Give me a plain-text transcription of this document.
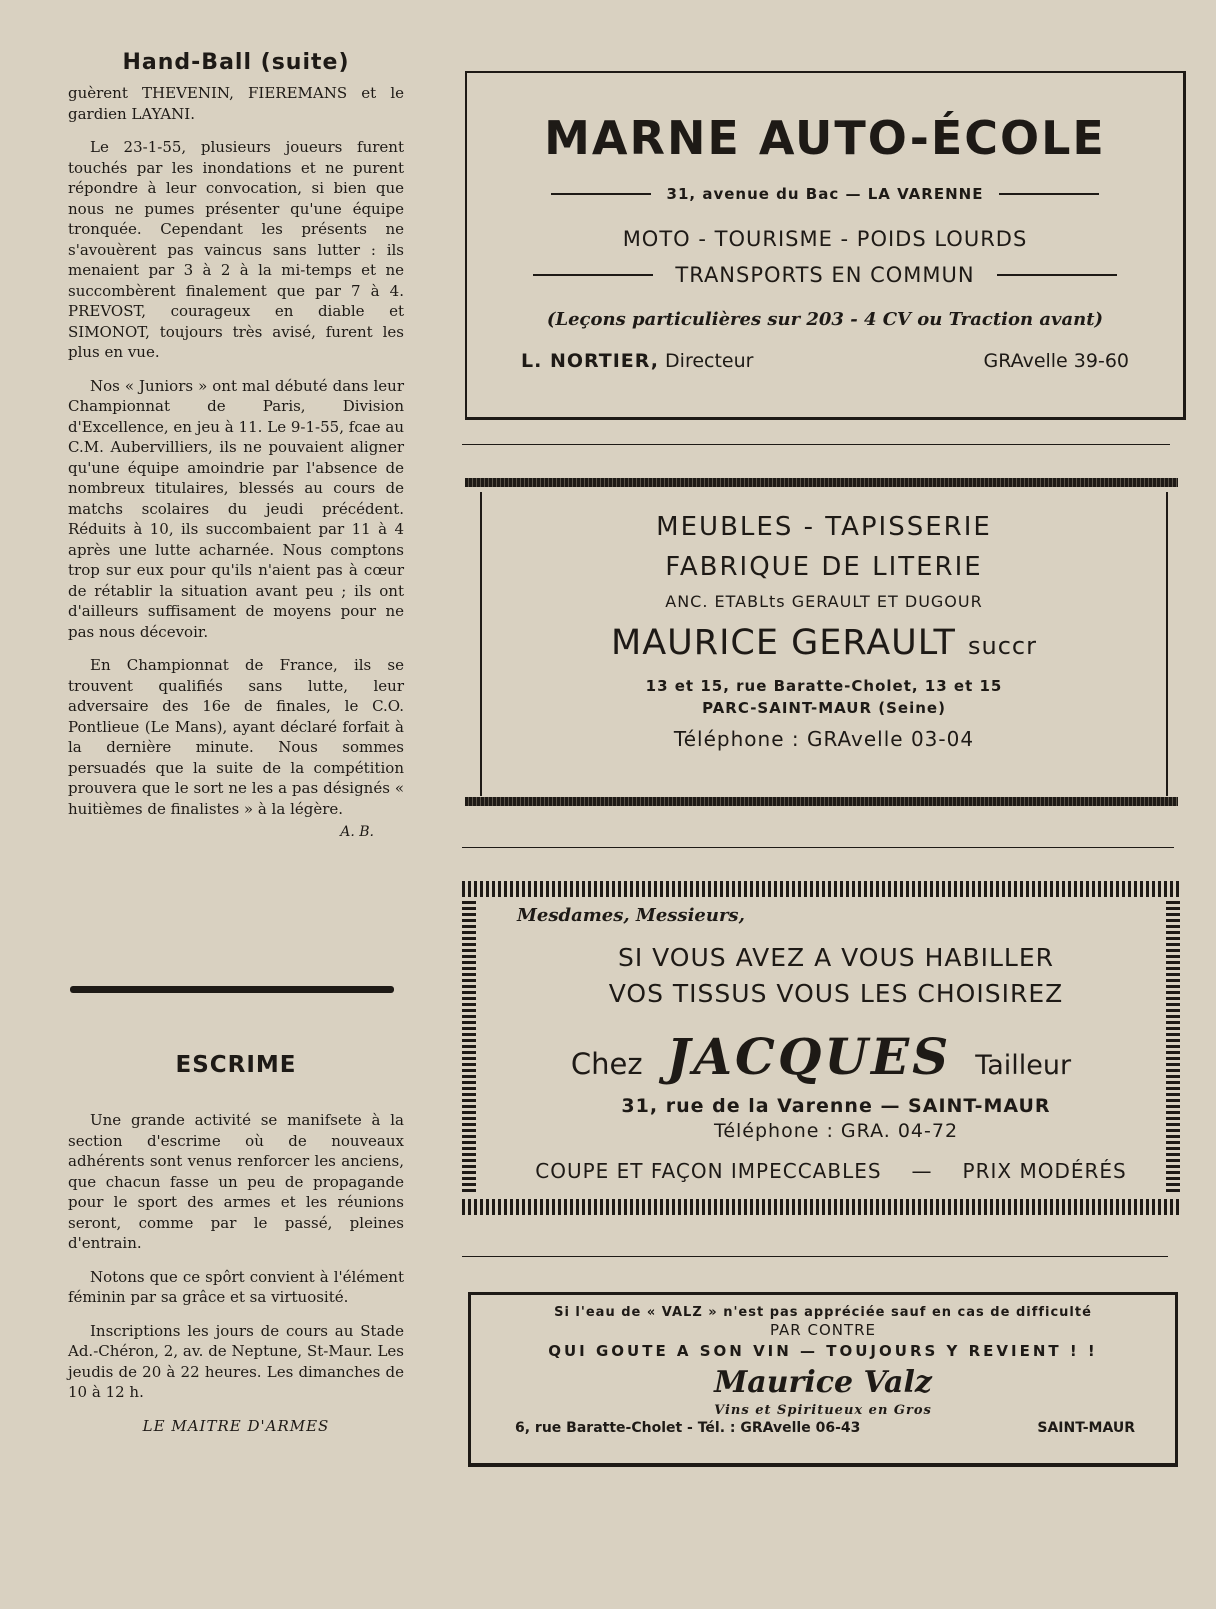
Hand-Ball (suite)

guèrent THEVENIN, FIEREMANS et le gardien LAYANI.

Le 23-1-55, plusieurs joueurs furent touchés par les inondations et ne purent répondre à leur convocation, si bien que nous ne pumes présenter qu'une équipe tronquée. Cependant les présents ne s'avouèrent pas vaincus sans lutter : ils menaient par 3 à 2 à la mi-temps et ne succombèrent finalement que par 7 à 4. PREVOST, courageux en diable et SIMONOT, toujours très avisé, furent les plus en vue.

Nos « Juniors » ont mal débuté dans leur Championnat de Paris, Division d'Excellence, en jeu à 11. Le 9-1-55, fcae au C.M. Aubervilliers, ils ne pouvaient aligner qu'une équipe amoindrie par l'absence de nombreux titulaires, blessés au cours de matchs scolaires du jeudi précédent. Réduits à 10, ils succombaient par 11 à 4 après une lutte acharnée. Nous comptons trop sur eux pour qu'ils n'aient pas à cœur de rétablir la situation avant peu ; ils ont d'ailleurs suffisament de moyens pour ne pas nous décevoir.

En Championnat de France, ils se trouvent qualifiés sans lutte, leur adversaire des 16e de finales, le C.O. Pontlieue (Le Mans), ayant déclaré forfait à la dernière minute. Nous sommes persuadés que la suite de la compétition prouvera que le sort ne les a pas désignés « huitièmes de finalistes » à la légère.

A. B.

ESCRIME

Une grande activité se manifsete à la section d'escrime où de nouveaux adhérents sont venus renforcer les anciens, que chacun fasse un peu de propagande pour le sport des armes et les réunions seront, comme par le passé, pleines d'entrain.

Notons que ce spôrt convient à l'élément féminin par sa grâce et sa virtuosité.

Inscriptions les jours de cours au Stade Ad.-Chéron, 2, av. de Neptune, St-Maur. Les jeudis de 20 à 22 heures. Les dimanches de 10 à 12 h.

LE MAITRE D'ARMES

MARNE AUTO-ÉCOLE
31, avenue du Bac — LA VARENNE
MOTO - TOURISME - POIDS LOURDS
TRANSPORTS EN COMMUN
(Leçons particulières sur 203 - 4 CV ou Traction avant)
L. NORTIER, Directeur	GRAvelle 39-60
MEUBLES - TAPISSERIE
FABRIQUE DE LITERIE
ANC. ETABLts GERAULT ET DUGOUR
MAURICE GERAULT succr
13 et 15, rue Baratte-Cholet, 13 et 15
PARC-SAINT-MAUR (Seine)
Téléphone : GRAvelle 03-04
Mesdames, Messieurs,
SI VOUS AVEZ A VOUS HABILLER
VOS TISSUS VOUS LES CHOISIREZ
Chez JACQUES Tailleur
31, rue de la Varenne — SAINT-MAUR
Téléphone : GRA. 04-72
COUPE ET FAÇON IMPECCABLES — PRIX MODÉRÉS
Si l'eau de « VALZ » n'est pas appréciée sauf en cas de difficulté
PAR CONTRE
QUI GOUTE A SON VIN — TOUJOURS Y REVIENT ! !
Maurice Valz
Vins et Spiritueux en Gros
6, rue Baratte-Cholet - Tél. : GRAvelle 06-43	SAINT-MAUR
